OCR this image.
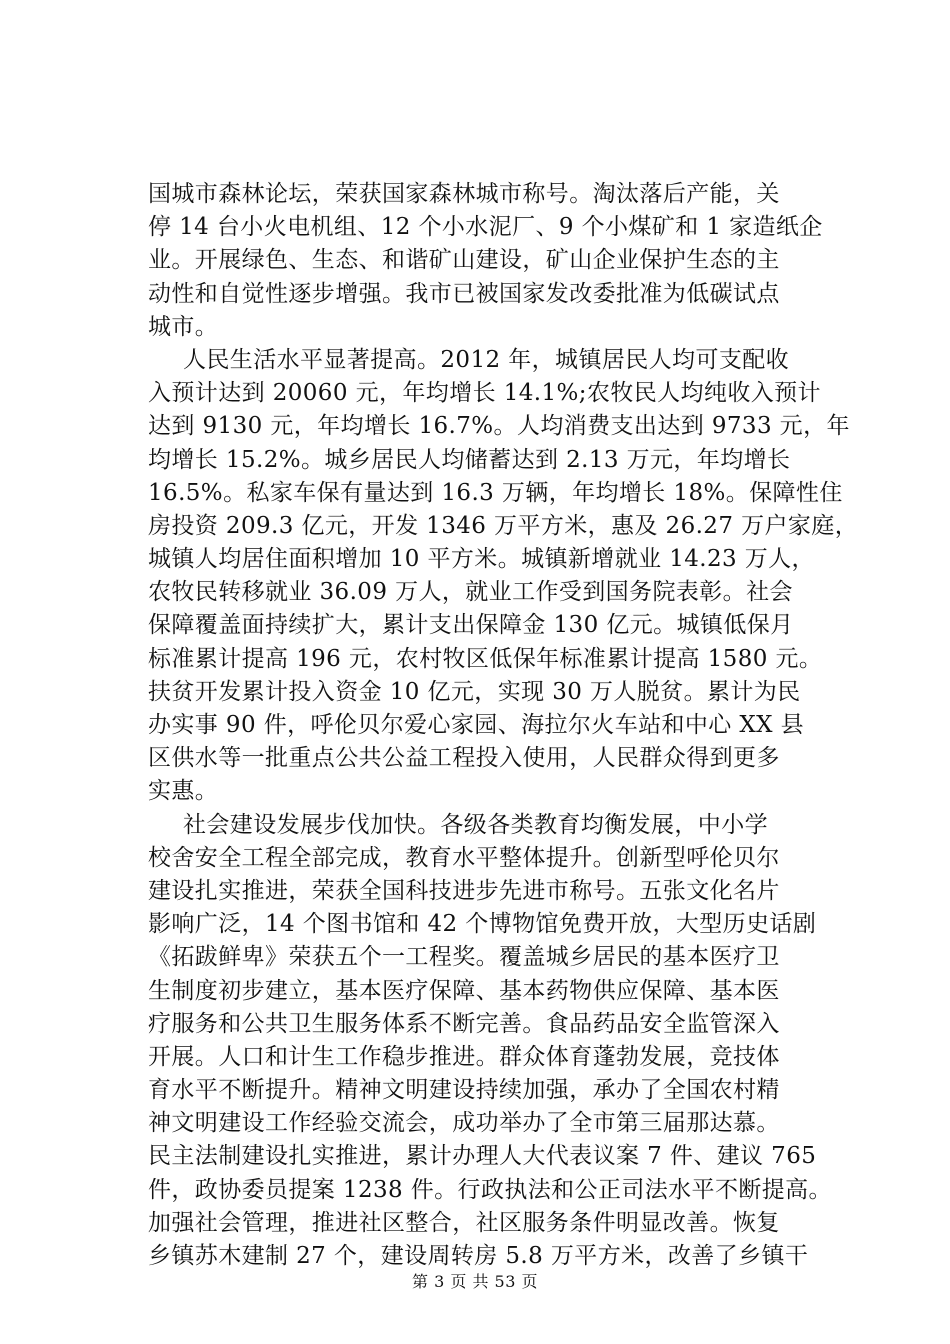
国城市森林论坛，荣获国家森林城市称号。淘汰落后产能，关
停 14 台小火电机组、12 个小水泥厂、9 个小煤矿和 1 家造纸企
业。开展绿色、生态、和谐矿山建设，矿山企业保护生态的主
动性和自觉性逐步增强。我市已被国家发改委批准为低碳试点
城市。
人民生活水平显著提高。2012 年，城镇居民人均可支配收
入预计达到 20060 元，年均增长 14.1%;农牧民人均纯收入预计
达到 9130 元，年均增长 16.7%。人均消费支出达到 9733 元，年
均增长 15.2%。城乡居民人均储蓄达到 2.13 万元，年均增长
16.5%。私家车保有量达到 16.3 万辆，年均增长 18%。保障性住
房投资 209.3 亿元，开发 1346 万平方米，惠及 26.27 万户家庭，
城镇人均居住面积增加 10 平方米。城镇新增就业 14.23 万人，
农牧民转移就业 36.09 万人，就业工作受到国务院表彰。社会
保障覆盖面持续扩大，累计支出保障金 130 亿元。城镇低保月
标准累计提高 196 元，农村牧区低保年标准累计提高 1580 元。
扶贫开发累计投入资金 10 亿元，实现 30 万人脱贫。累计为民
办实事 90 件，呼伦贝尔爱心家园、海拉尔火车站和中心 XX 县
区供水等一批重点公共公益工程投入使用，人民群众得到更多
实惠。
社会建设发展步伐加快。各级各类教育均衡发展，中小学
校舍安全工程全部完成，教育水平整体提升。创新型呼伦贝尔
建设扎实推进，荣获全国科技进步先进市称号。五张文化名片
影响广泛，14 个图书馆和 42 个博物馆免费开放，大型历史话剧
《拓跋鲜卑》荣获五个一工程奖。覆盖城乡居民的基本医疗卫
生制度初步建立，基本医疗保障、基本药物供应保障、基本医
疗服务和公共卫生服务体系不断完善。食品药品安全监管深入
开展。人口和计生工作稳步推进。群众体育蓬勃发展，竞技体
育水平不断提升。精神文明建设持续加强，承办了全国农村精
神文明建设工作经验交流会，成功举办了全市第三届那达慕。
民主法制建设扎实推进，累计办理人大代表议案 7 件、建议 765
件，政协委员提案 1238 件。行政执法和公正司法水平不断提高。
加强社会管理，推进社区整合，社区服务条件明显改善。恢复
乡镇苏木建制 27 个，建设周转房 5.8 万平方米，改善了乡镇干
第 3 页 共 53 页
